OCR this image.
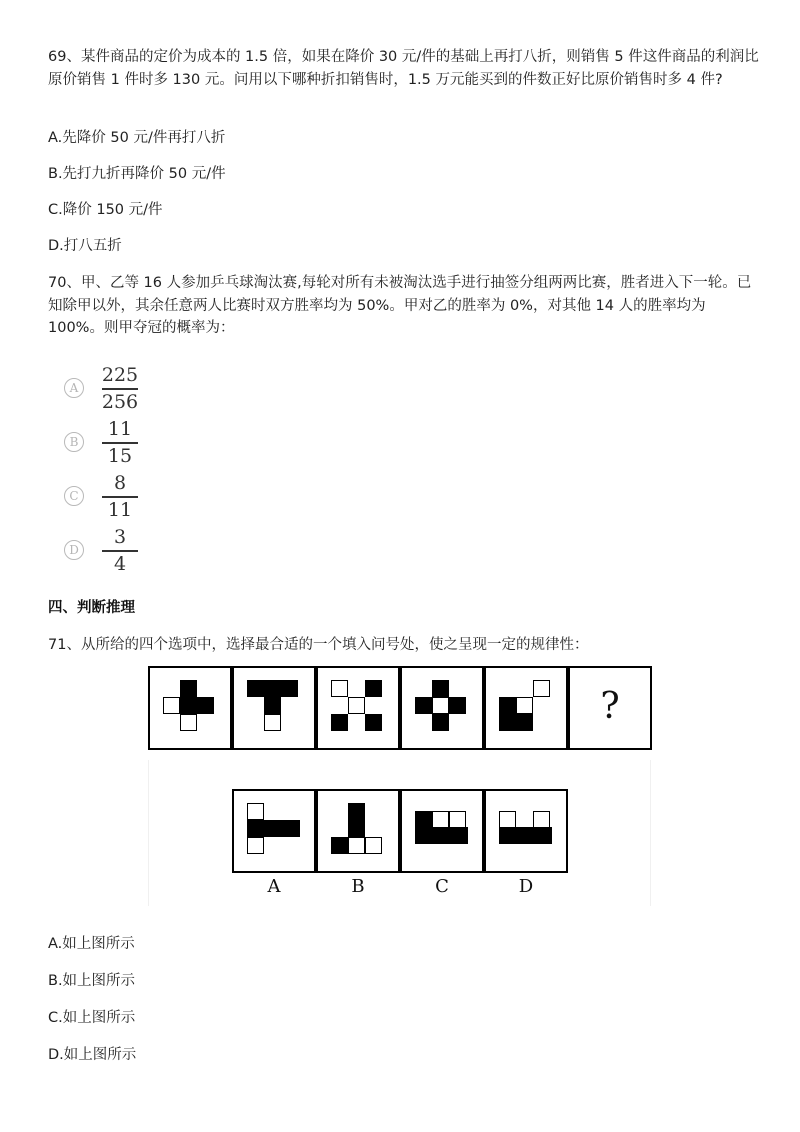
69、某件商品的定价为成本的 1.5 倍，如果在降价 30 元/件的基础上再打八折，则销售 5 件这件商品的利润比原价销售 1 件时多 130 元。问用以下哪种折扣销售时，1.5 万元能买到的件数正好比原价销售时多 4 件?

A.先降价 50 元/件再打八折

B.先打九折再降价 50 元/件

C.降价 150 元/件

D.打八五折

70、甲、乙等 16 人参加乒乓球淘汰赛,每轮对所有未被淘汰选手进行抽签分组两两比赛，胜者进入下一轮。已知除甲以外，其余任意两人比赛时双方胜率均为 50%。甲对乙的胜率为 0%，对其他 14 人的胜率均为 100%。则甲夺冠的概率为：

A
225
256
B
11
15
C
8
11
D
3
4

四、判断推理

71、从所给的四个选项中，选择最合适的一个填入问号处，使之呈现一定的规律性：

?
A	B	C	D

A.如上图所示

B.如上图所示

C.如上图所示

D.如上图所示
